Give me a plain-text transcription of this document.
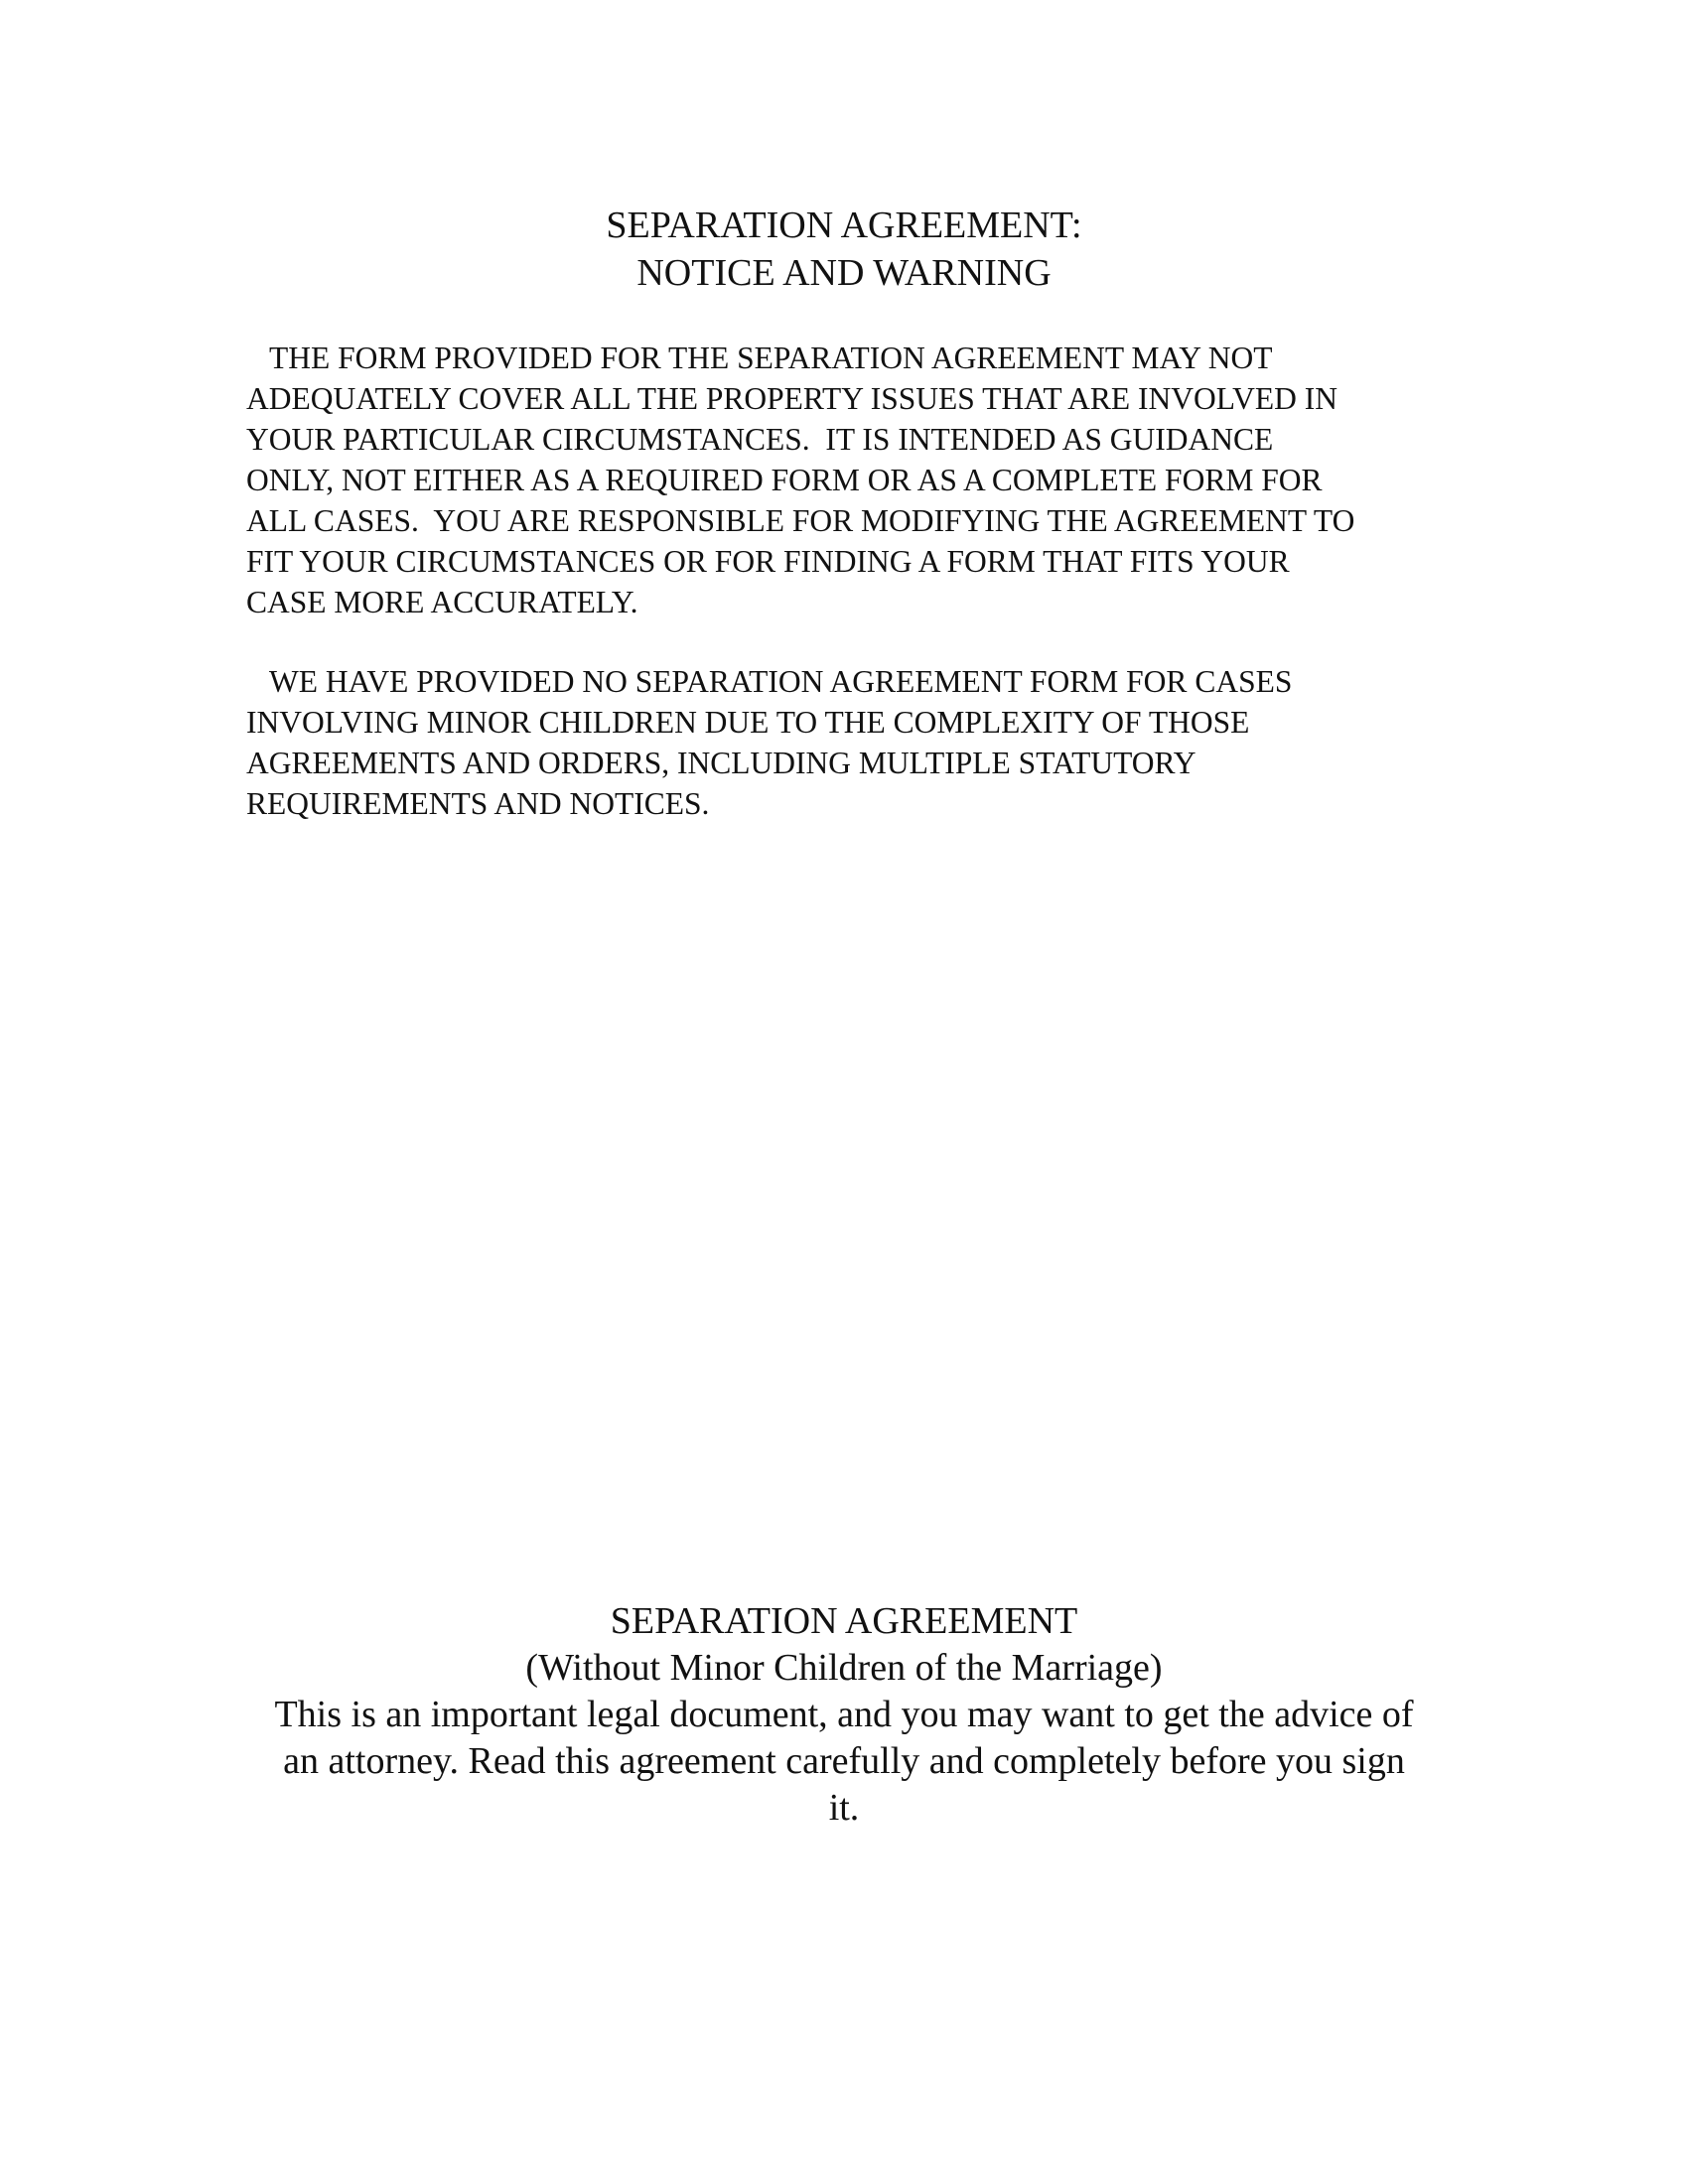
SEPARATION AGREEMENT:
NOTICE AND WARNING
THE FORM PROVIDED FOR THE SEPARATION AGREEMENT MAY NOT
ADEQUATELY COVER ALL THE PROPERTY ISSUES THAT ARE INVOLVED IN
YOUR PARTICULAR CIRCUMSTANCES.  IT IS INTENDED AS GUIDANCE
ONLY, NOT EITHER AS A REQUIRED FORM OR AS A COMPLETE FORM FOR
ALL CASES.  YOU ARE RESPONSIBLE FOR MODIFYING THE AGREEMENT TO
FIT YOUR CIRCUMSTANCES OR FOR FINDING A FORM THAT FITS YOUR
CASE MORE ACCURATELY.
WE HAVE PROVIDED NO SEPARATION AGREEMENT FORM FOR CASES
INVOLVING MINOR CHILDREN DUE TO THE COMPLEXITY OF THOSE
AGREEMENTS AND ORDERS, INCLUDING MULTIPLE STATUTORY
REQUIREMENTS AND NOTICES.
SEPARATION AGREEMENT
(Without Minor Children of the Marriage)
This is an important legal document, and you may want to get the advice of
an attorney. Read this agreement carefully and completely before you sign
it.
